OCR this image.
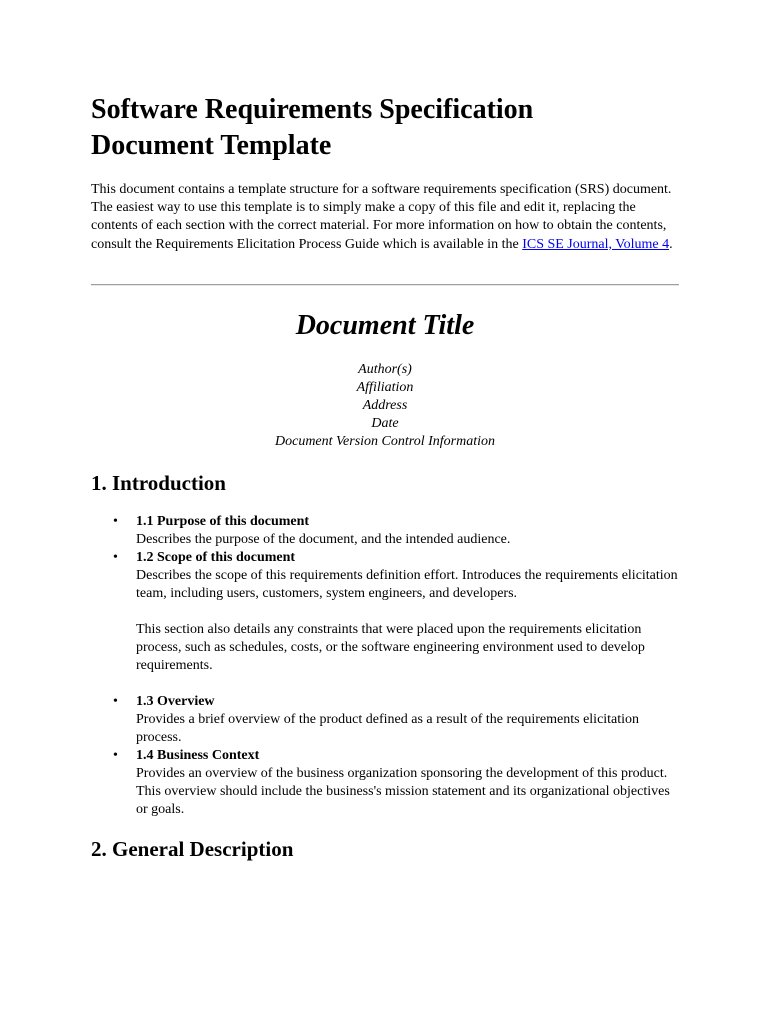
Software Requirements Specification
Document Template

This document contains a template structure for a software requirements specification (SRS) document. The easiest way to use this template is to simply make a copy of this file and edit it, replacing the contents of each section with the correct material. For more information on how to obtain the contents, consult the Requirements Elicitation Process Guide which is available in the ICS SE Journal, Volume 4.

Document Title
Author(s)
Affiliation
Address
Date
Document Version Control Information
1. Introduction
• 1.1 Purpose of this document
Describes the purpose of the document, and the intended audience.
• 1.2 Scope of this document
Describes the scope of this requirements definition effort. Introduces the requirements elicitation team, including users, customers, system engineers, and developers.
This section also details any constraints that were placed upon the requirements elicitation process, such as schedules, costs, or the software engineering environment used to develop requirements.
• 1.3 Overview
Provides a brief overview of the product defined as a result of the requirements elicitation process.
• 1.4 Business Context
Provides an overview of the business organization sponsoring the development of this product. This overview should include the business's mission statement and its organizational objectives or goals.
2. General Description
